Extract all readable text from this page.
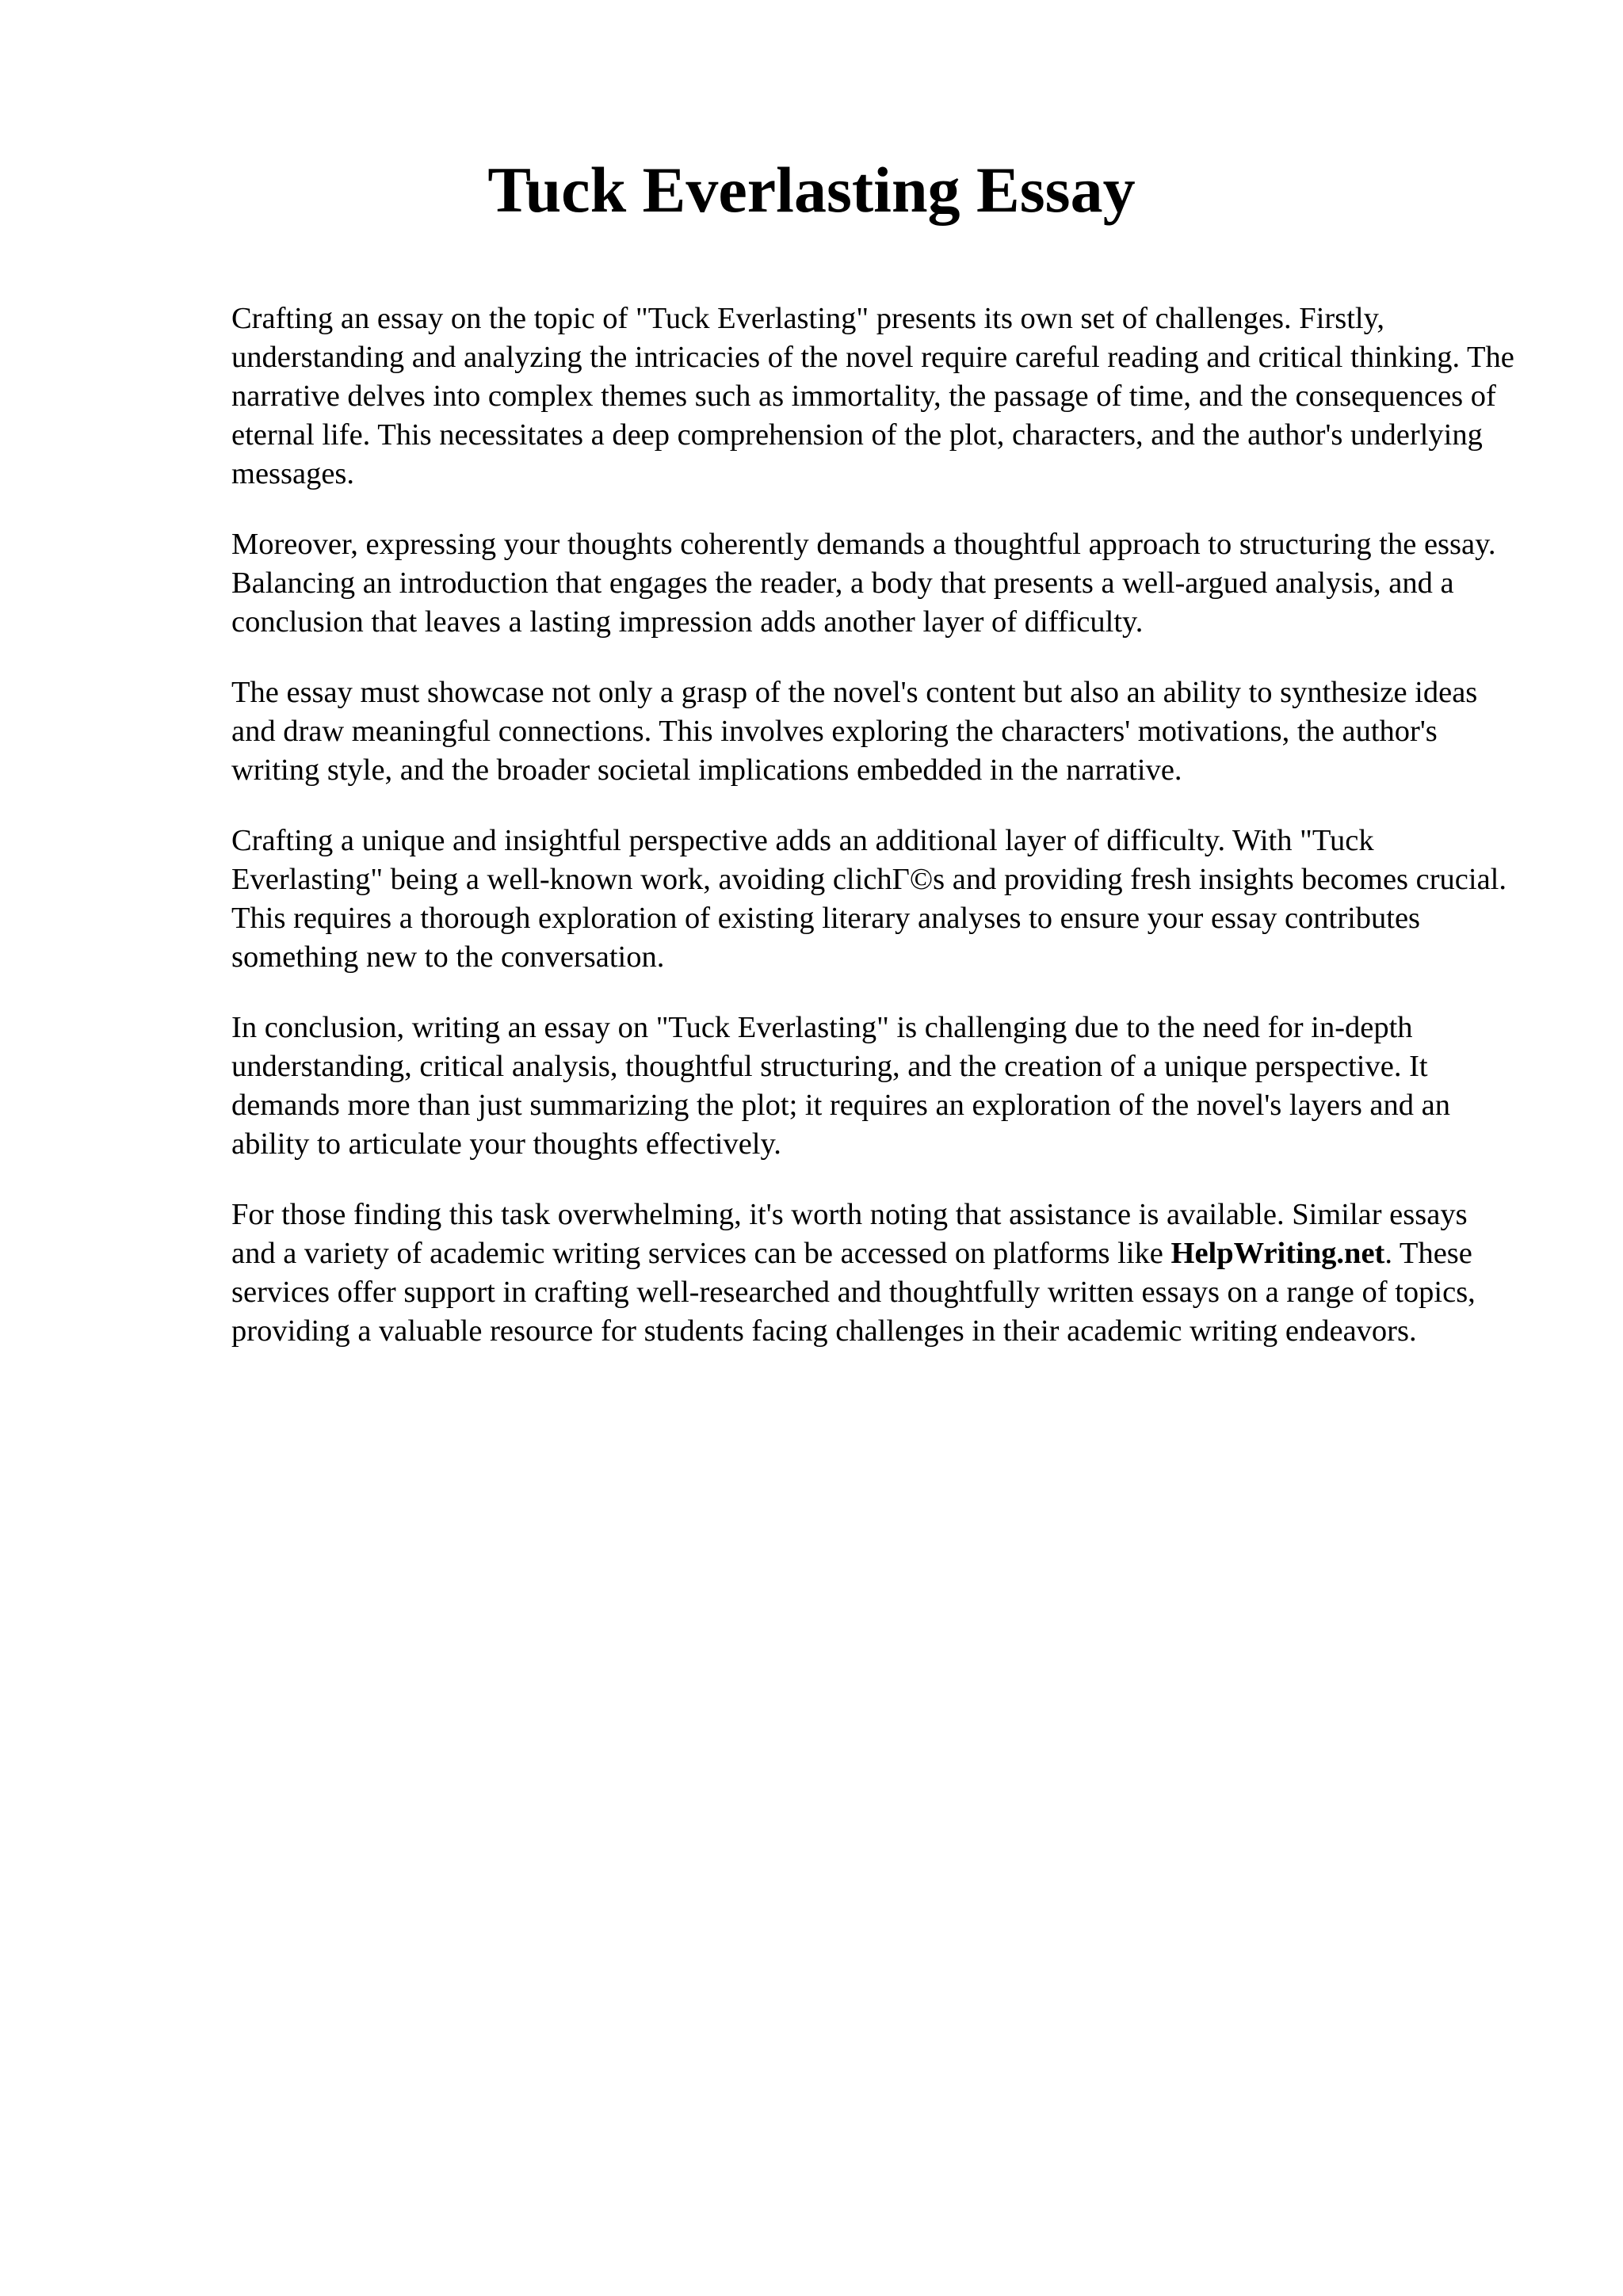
Tuck Everlasting Essay

Crafting an essay on the topic of "Tuck Everlasting" presents its own set of challenges. Firstly, understanding and analyzing the intricacies of the novel require careful reading and critical thinking. The narrative delves into complex themes such as immortality, the passage of time, and the consequences of eternal life. This necessitates a deep comprehension of the plot, characters, and the author's underlying messages.

Moreover, expressing your thoughts coherently demands a thoughtful approach to structuring the essay. Balancing an introduction that engages the reader, a body that presents a well-argued analysis, and a conclusion that leaves a lasting impression adds another layer of difficulty.

The essay must showcase not only a grasp of the novel's content but also an ability to synthesize ideas and draw meaningful connections. This involves exploring the characters' motivations, the author's writing style, and the broader societal implications embedded in the narrative.

Crafting a unique and insightful perspective adds an additional layer of difficulty. With "Tuck Everlasting" being a well-known work, avoiding clichГ©s and providing fresh insights becomes crucial. This requires a thorough exploration of existing literary analyses to ensure your essay contributes something new to the conversation.

In conclusion, writing an essay on "Tuck Everlasting" is challenging due to the need for in-depth understanding, critical analysis, thoughtful structuring, and the creation of a unique perspective. It demands more than just summarizing the plot; it requires an exploration of the novel's layers and an ability to articulate your thoughts effectively.

For those finding this task overwhelming, it's worth noting that assistance is available. Similar essays and a variety of academic writing services can be accessed on platforms like HelpWriting.net. These services offer support in crafting well-researched and thoughtfully written essays on a range of topics, providing a valuable resource for students facing challenges in their academic writing endeavors.
